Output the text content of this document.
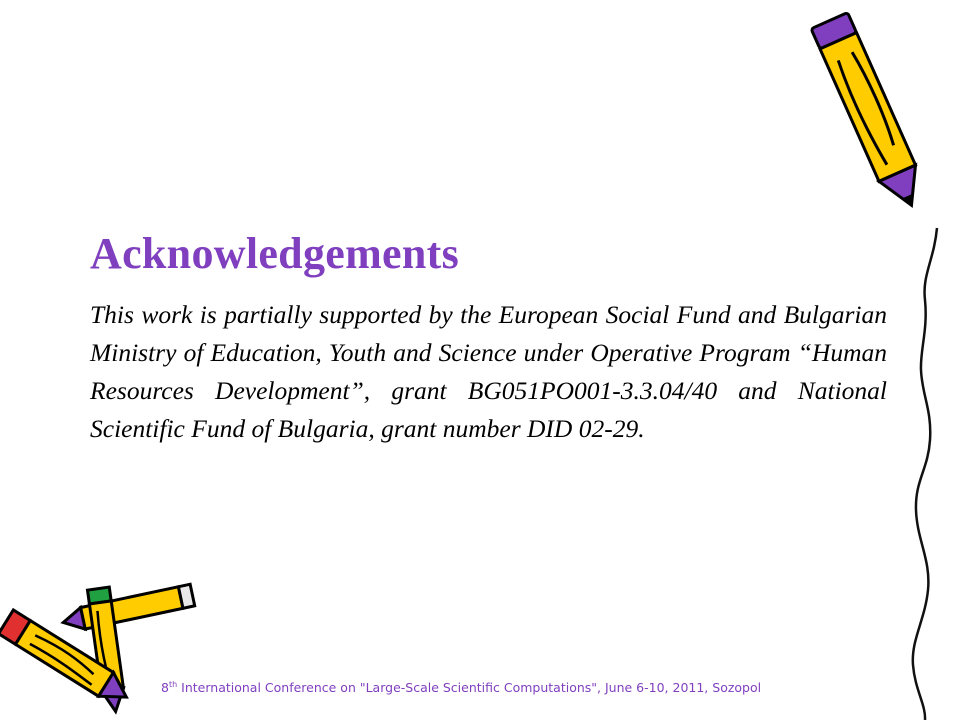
Acknowledgements

This work is partially supported by the European Social Fund and Bulgarian Ministry of Education, Youth and Science under Operative Program “Human Resources Development”, grant BG051PO001-3.3.04/40 and National Scientific Fund of Bulgaria, grant number DID 02-29.

8th International Conference on "Large-Scale Scientific Computations", June 6-10, 2011, Sozopol
